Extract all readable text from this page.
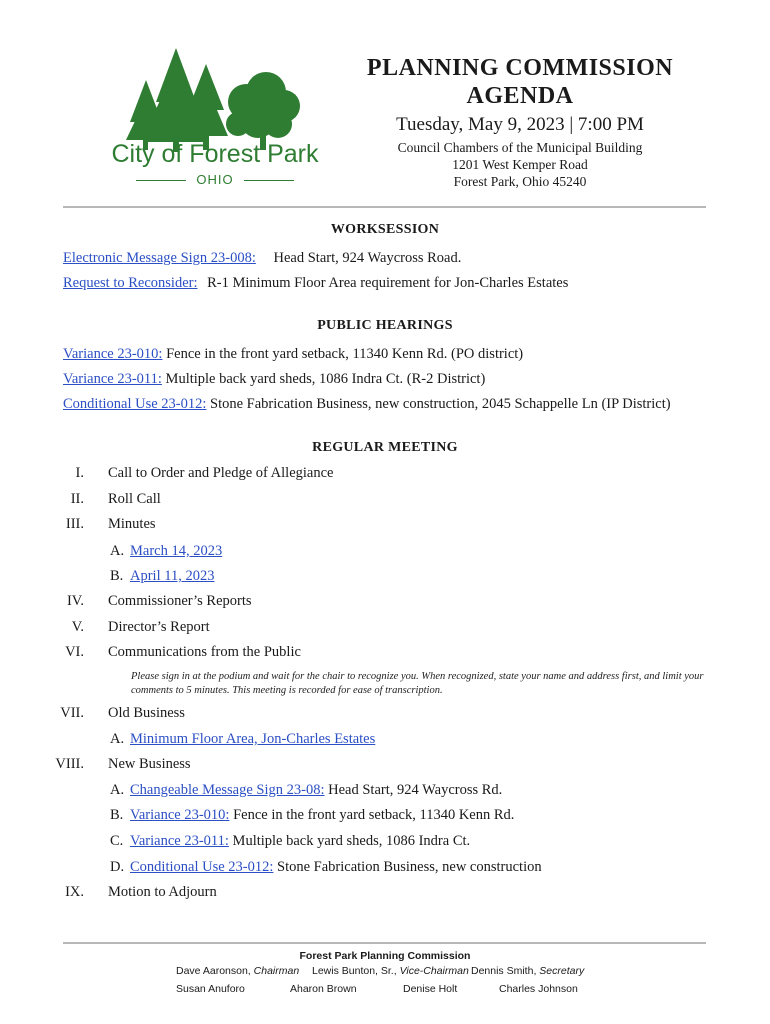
City of Forest Park
OHIO
PLANNING COMMISSION
AGENDA
Tuesday, May 9, 2023 | 7:00 PM
Council Chambers of the Municipal Building
1201 West Kemper Road
Forest Park, Ohio 45240
WORKSESSION
Electronic Message Sign 23-008: Head Start, 924 Waycross Road.
Request to Reconsider: R-1 Minimum Floor Area requirement for Jon-Charles Estates
PUBLIC HEARINGS
Variance 23-010: Fence in the front yard setback, 11340 Kenn Rd. (PO district)
Variance 23-011: Multiple back yard sheds, 1086 Indra Ct. (R-2 District)
Conditional Use 23-012: Stone Fabrication Business, new construction, 2045 Schappelle Ln (IP District)
REGULAR MEETING
I. Call to Order and Pledge of Allegiance
II. Roll Call
III. Minutes
A. March 14, 2023
B. April 11, 2023
IV. Commissioner’s Reports
V. Director’s Report
VI. Communications from the Public
Please sign in at the podium and wait for the chair to recognize you. When recognized, state your name and address first, and limit your comments to 5 minutes. This meeting is recorded for ease of transcription.
VII. Old Business
A. Minimum Floor Area, Jon-Charles Estates
VIII. New Business
A. Changeable Message Sign 23-08: Head Start, 924 Waycross Rd.
B. Variance 23-010: Fence in the front yard setback, 11340 Kenn Rd.
C. Variance 23-011: Multiple back yard sheds, 1086 Indra Ct.
D. Conditional Use 23-012: Stone Fabrication Business, new construction
IX. Motion to Adjourn
Forest Park Planning Commission
Dave Aaronson, Chairman Lewis Bunton, Sr., Vice-Chairman Dennis Smith, Secretary
Susan Anuforo	Aharon Brown	Denise Holt	Charles Johnson
